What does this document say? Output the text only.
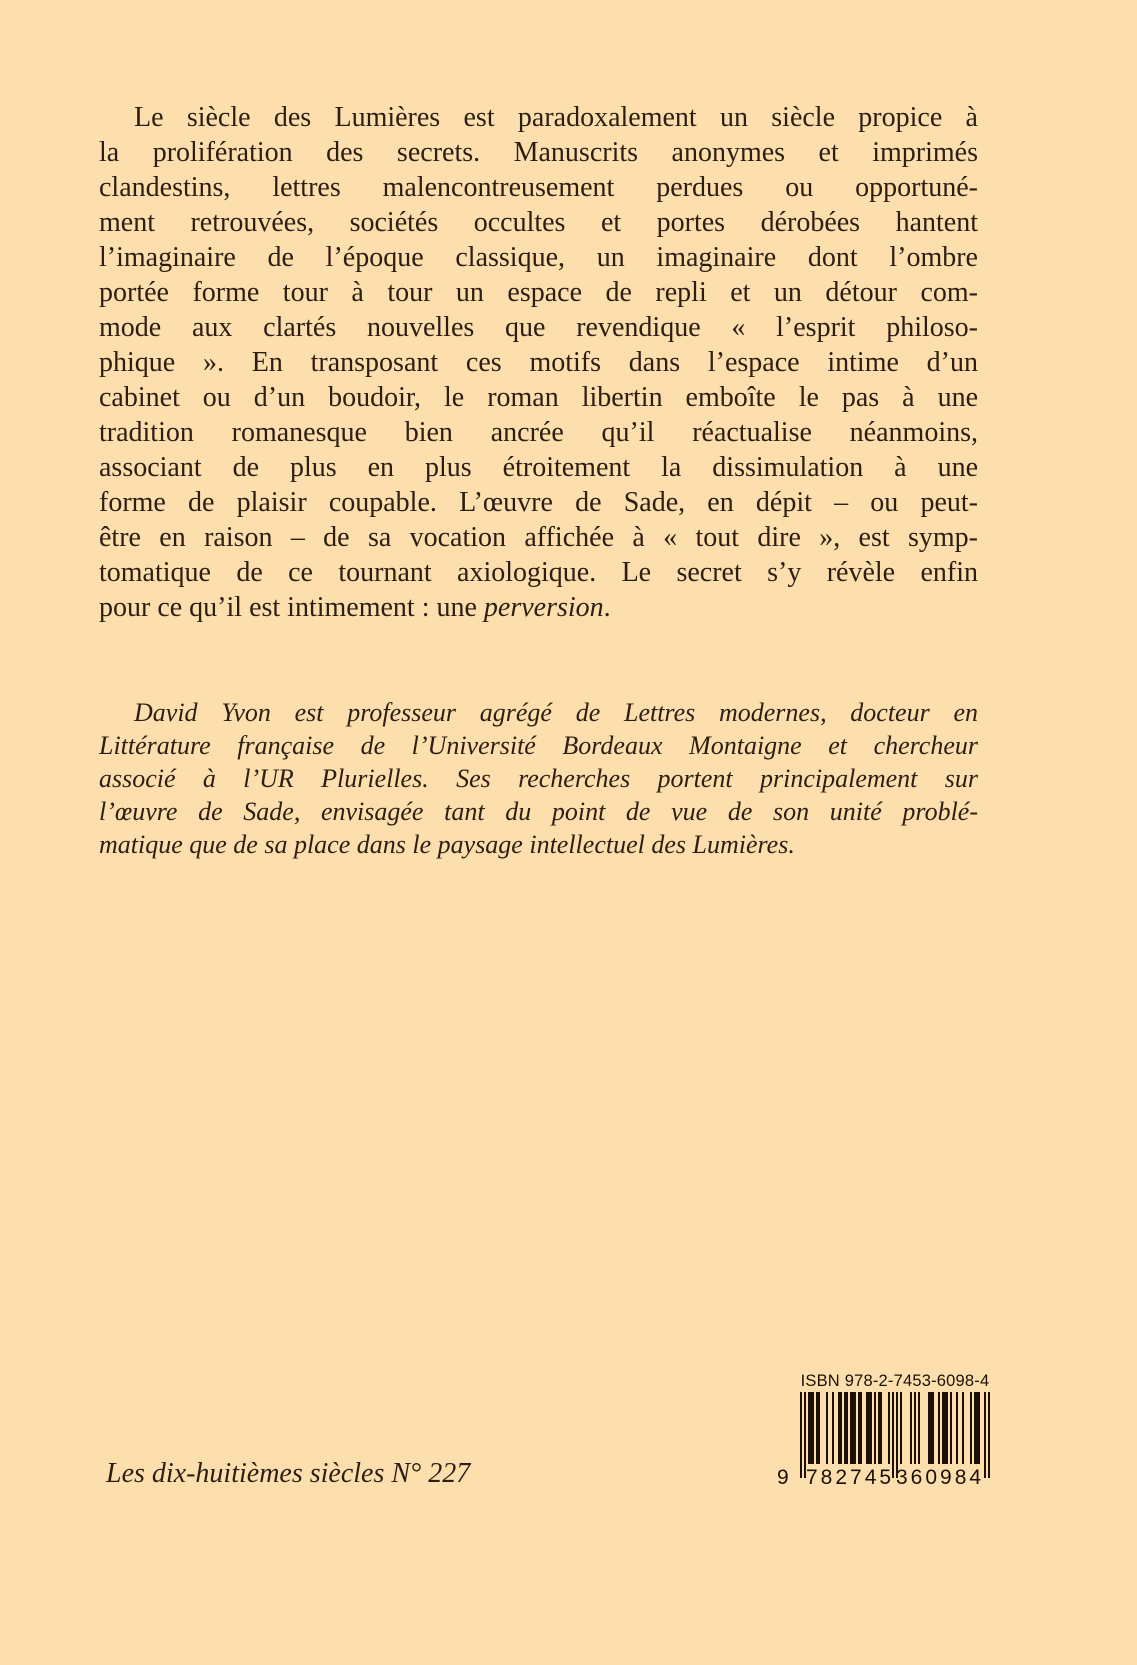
Le siècle des Lumières est paradoxalement un siècle propice à
la prolifération des secrets. Manuscrits anonymes et imprimés
clandestins, lettres malencontreusement perdues ou opportuné-
ment retrouvées, sociétés occultes et portes dérobées hantent
l’imaginaire de l’époque classique, un imaginaire dont l’ombre
portée forme tour à tour un espace de repli et un détour com-
mode aux clartés nouvelles que revendique « l’esprit philoso-
phique ». En transposant ces motifs dans l’espace intime d’un
cabinet ou d’un boudoir, le roman libertin emboîte le pas à une
tradition romanesque bien ancrée qu’il réactualise néanmoins,
associant de plus en plus étroitement la dissimulation à une
forme de plaisir coupable. L’œuvre de Sade, en dépit – ou peut-
être en raison – de sa vocation affichée à « tout dire », est symp-
tomatique de ce tournant axiologique. Le secret s’y révèle enfin
pour ce qu’il est intimement : une perversion.
David Yvon est professeur agrégé de Lettres modernes, docteur en
Littérature française de l’Université Bordeaux Montaigne et chercheur
associé à l’UR Plurielles. Ses recherches portent principalement sur
l’œuvre de Sade, envisagée tant du point de vue de son unité problé-
matique que de sa place dans le paysage intellectuel des Lumières.
Les dix-huitièmes siècles N° 227
ISBN 978-2-7453-6098-4
9 782745 360984
